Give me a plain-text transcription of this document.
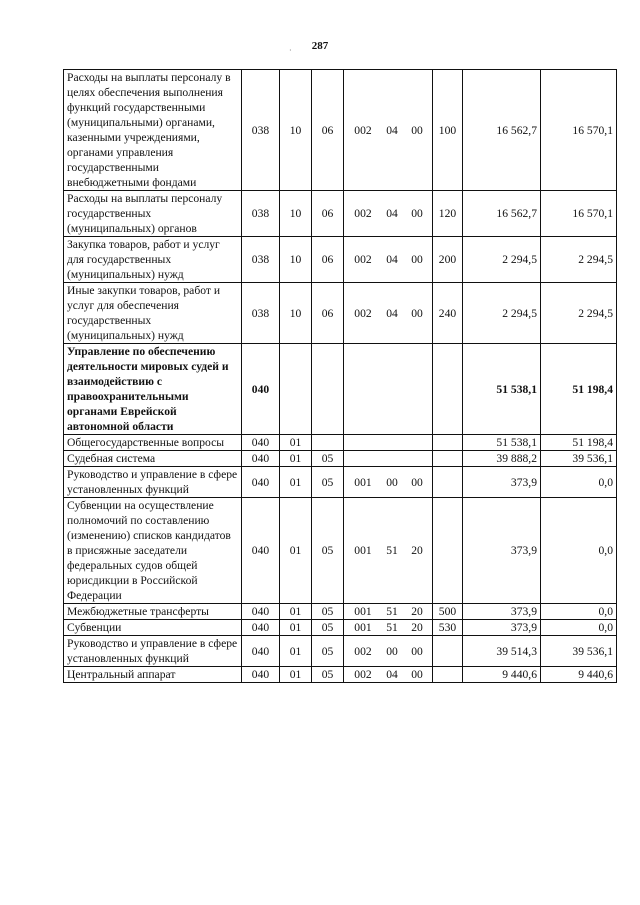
287
·
Расходы на выплаты персоналу в целях обеспечения выполнения функций государственными (муниципальными) органами, казенными учреждениями, органами управления государственными внебюджетными фондами	038	10	06	002 04 00	100	16 562,7	16 570,1
Расходы на выплаты персоналу государственных (муниципальных) органов	038	10	06	002 04 00	120	16 562,7	16 570,1
Закупка товаров, работ и услуг для государственных (муниципальных) нужд	038	10	06	002 04 00	200	2 294,5	2 294,5
Иные закупки товаров, работ и услуг для обеспечения государственных (муниципальных) нужд	038	10	06	002 04 00	240	2 294,5	2 294,5
Управление по обеспечению деятельности мировых судей и взаимодействию с правоохранительными органами Еврейской автономной области	040					51 538,1	51 198,4
Общегосударственные вопросы	040	01				51 538,1	51 198,4
Судебная система	040	01	05			39 888,2	39 536,1
Руководство и управление в сфере установленных функций	040	01	05	001 00 00		373,9	0,0
Субвенции на осуществление полномочий по составлению (изменению) списков кандидатов в присяжные заседатели федеральных судов общей юрисдикции в Российской Федерации	040	01	05	001 51 20		373,9	0,0
Межбюджетные трансферты	040	01	05	001 51 20	500	373,9	0,0
Субвенции	040	01	05	001 51 20	530	373,9	0,0
Руководство и управление в сфере установленных функций	040	01	05	002 00 00		39 514,3	39 536,1
Центральный аппарат	040	01	05	002 04 00		9 440,6	9 440,6
